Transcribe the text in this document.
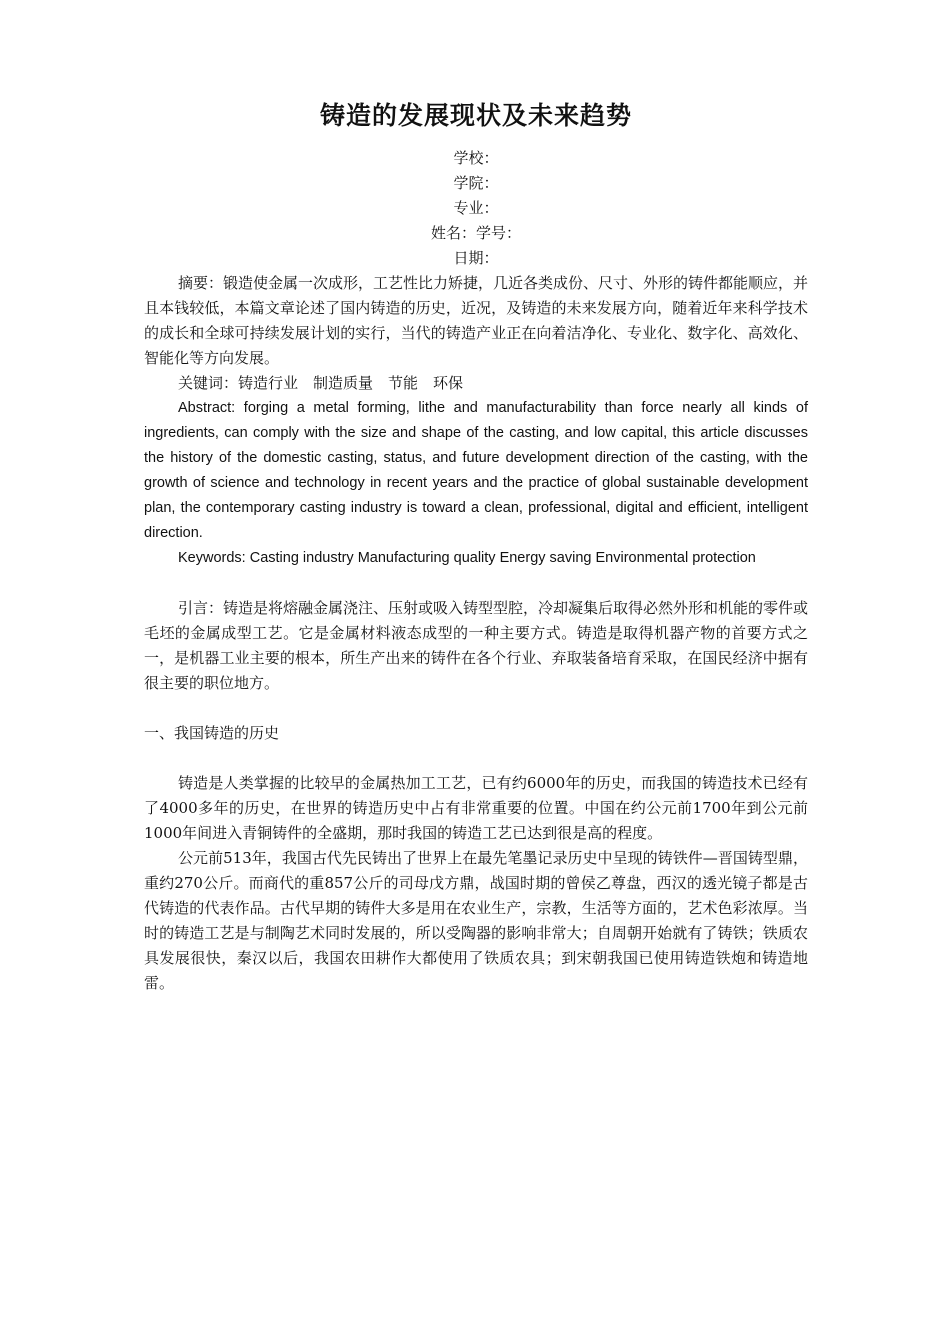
铸造的发展现状及未来趋势
学校：
学院：
专业：
姓名：学号：
日期：

摘要：锻造使金属一次成形，工艺性比力矫捷，几近各类成份、尺寸、外形的铸件都能顺应，并且本钱较低，本篇文章论述了国内铸造的历史，近况，及铸造的未来发展方向，随着近年来科学技术的成长和全球可持续发展计划的实行，当代的铸造产业正在向着洁净化、专业化、数字化、高效化、智能化等方向发展。

关键词：铸造行业　制造质量　节能　环保

Abstract: forging a metal forming, lithe and manufacturability than force nearly all kinds of ingredients, can comply with the size and shape of the casting, and low capital, this article discusses the history of the domestic casting, status, and future development direction of the casting, with the growth of science and technology in recent years and the practice of global sustainable development plan, the contemporary casting industry is toward a clean, professional, digital and efficient, intelligent direction.

Keywords: Casting industry Manufacturing quality Energy saving Environmental protection

引言：铸造是将熔融金属浇注、压射或吸入铸型型腔，冷却凝集后取得必然外形和机能的零件或毛坯的金属成型工艺。它是金属材料液态成型的一种主要方式。铸造是取得机器产物的首要方式之一，是机器工业主要的根本，所生产出来的铸件在各个行业、弃取装备培育采取，在国民经济中据有很主要的职位地方。

一、我国铸造的历史

铸造是人类掌握的比较早的金属热加工工艺，已有约6000年的历史，而我国的铸造技术已经有了4000多年的历史，在世界的铸造历史中占有非常重要的位置。中国在约公元前1700年到公元前1000年间进入青铜铸件的全盛期，那时我国的铸造工艺已达到很是高的程度。

公元前513年，我国古代先民铸出了世界上在最先笔墨记录历史中呈现的铸铁件—晋国铸型鼎，重约270公斤。而商代的重857公斤的司母戊方鼎，战国时期的曾侯乙尊盘，西汉的透光镜子都是古代铸造的代表作品。古代早期的铸件大多是用在农业生产，宗教，生活等方面的，艺术色彩浓厚。当时的铸造工艺是与制陶艺术同时发展的，所以受陶器的影响非常大；自周朝开始就有了铸铁；铁质农具发展很快，秦汉以后，我国农田耕作大都使用了铁质农具；到宋朝我国已使用铸造铁炮和铸造地雷。
